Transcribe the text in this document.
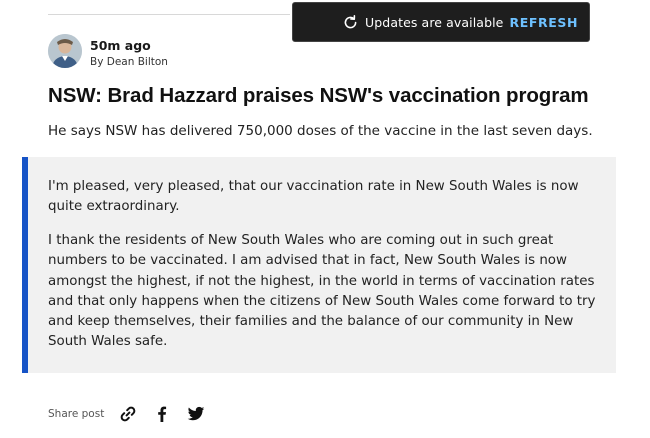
Updates are available REFRESH
50m ago
By Dean Bilton
NSW: Brad Hazzard praises NSW's vaccination program

He says NSW has delivered 750,000 doses of the vaccine in the last seven days.

I'm pleased, very pleased, that our vaccination rate in New South Wales is now quite extraordinary.

I thank the residents of New South Wales who are coming out in such great numbers to be vaccinated. I am advised that in fact, New South Wales is now amongst the highest, if not the highest, in the world in terms of vaccination rates and that only happens when the citizens of New South Wales come forward to try and keep themselves, their families and the balance of our community in New South Wales safe.

Share post
